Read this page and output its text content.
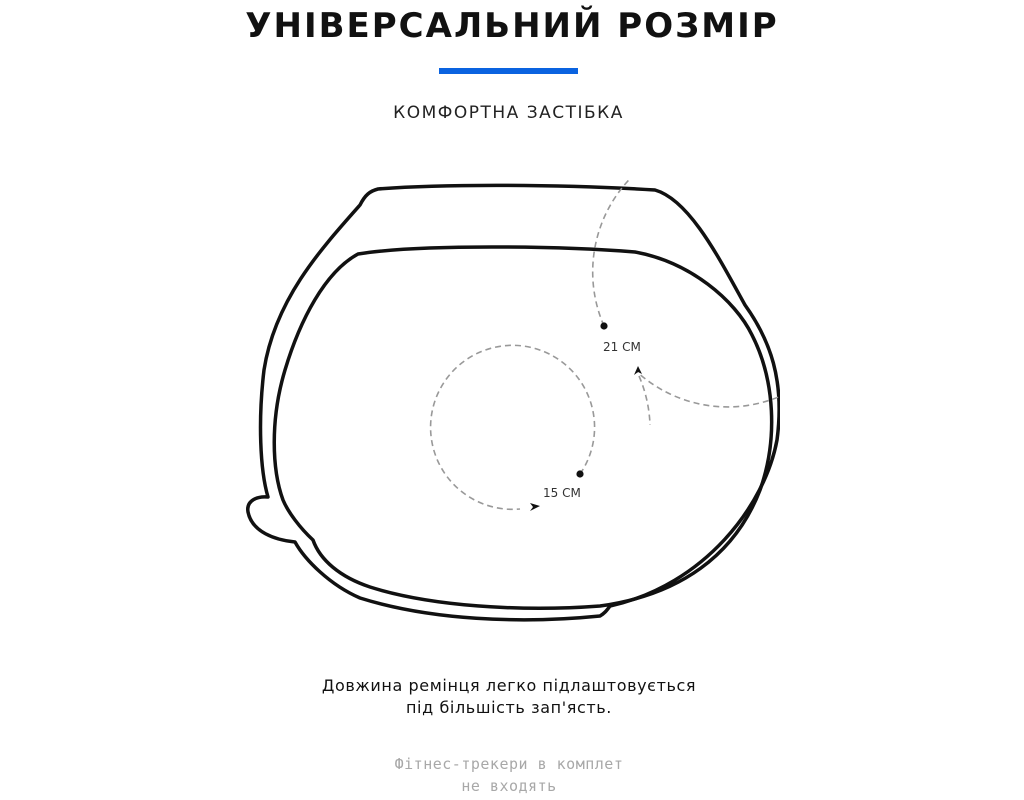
УНІВЕРСАЛЬНИЙ РОЗМІР
КОМФОРТНА ЗАСТІБКА
21 СМ
15 СМ
Довжина ремінця легко підлаштовується
під більшість зап'ясть.
Фітнес-трекери в комплет
не входять
